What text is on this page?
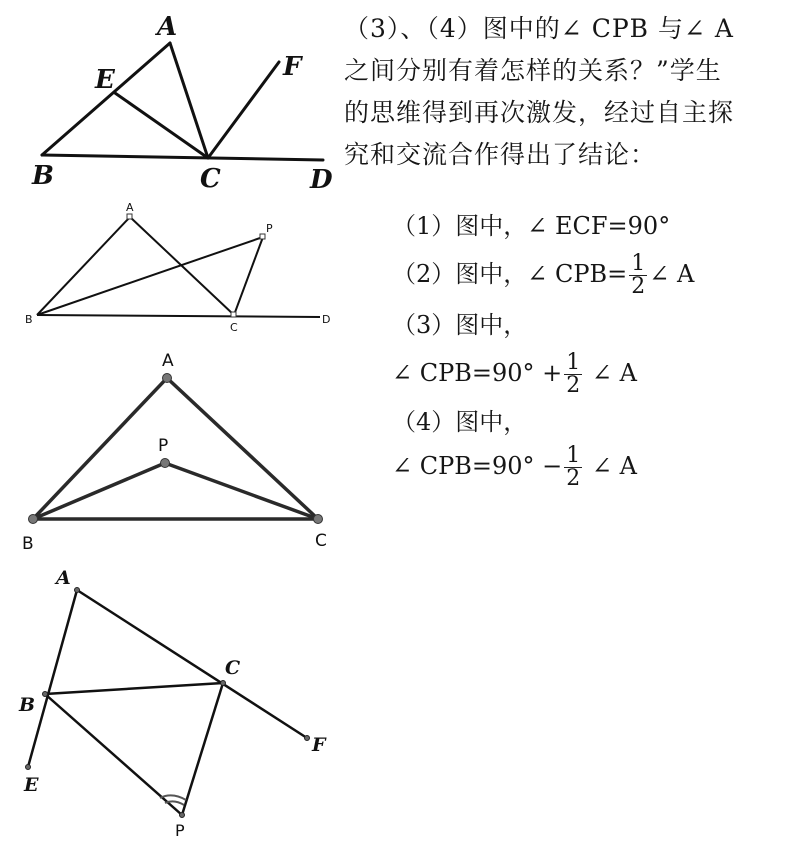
A
E	F
B	C	D
A
P
B
C
D
A
P
B	C
A
C
B
F
E
P
（3）、（4）图中的∠ CPB 与∠ A
之间分别有着怎样的关系？”学生
的思维得到再次激发，经过自主探
究和交流合作得出了结论：
（1）图中，∠ ECF=90°
（2）图中，∠ $CPB= \frac{1}{2}$ ∠ A
（3）图中，
∠ $CPB=90^\circ + \frac{1}{2}$ ∠ A
（4）图中，
∠ $CPB=90^\circ - \frac{1}{2}$ ∠ A
